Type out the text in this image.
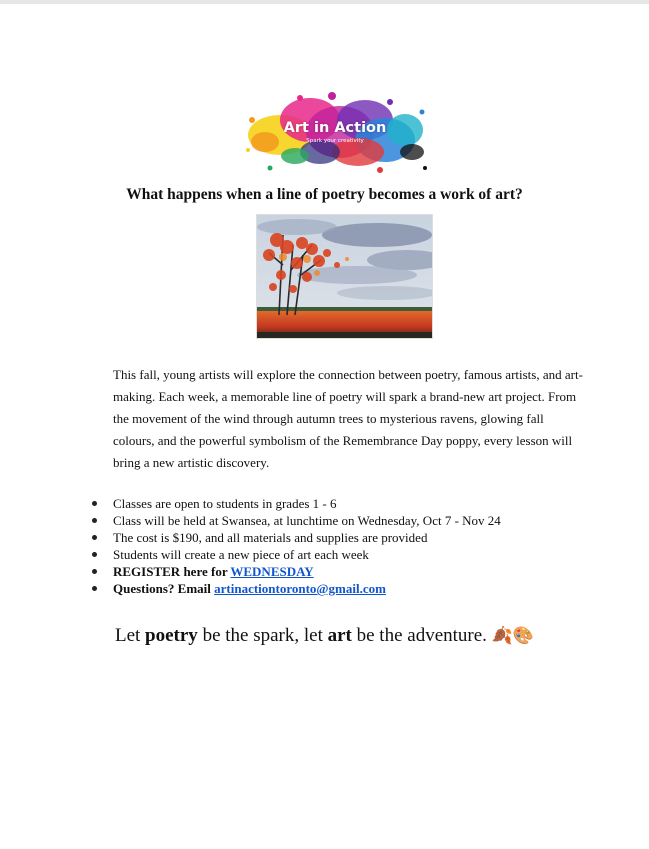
Art in Action
Spark your creativity
What happens when a line of poetry becomes a work of art?
This fall, young artists will explore the connection between poetry, famous artists, and art-making. Each week, a memorable line of poetry will spark a brand-new art project. From the movement of the wind through autumn trees to mysterious ravens, glowing fall colours, and the powerful symbolism of the Remembrance Day poppy, every lesson will bring a new artistic discovery.
Classes are open to students in grades 1 - 6
Class will be held at Swansea, at lunchtime on Wednesday, Oct 7 - Nov 24
The cost is $190, and all materials and supplies are provided
Students will create a new piece of art each week
REGISTER here for WEDNESDAY
Questions? Email artinactiontoronto@gmail.com
Let poetry be the spark, let art be the adventure. 🍂🎨
